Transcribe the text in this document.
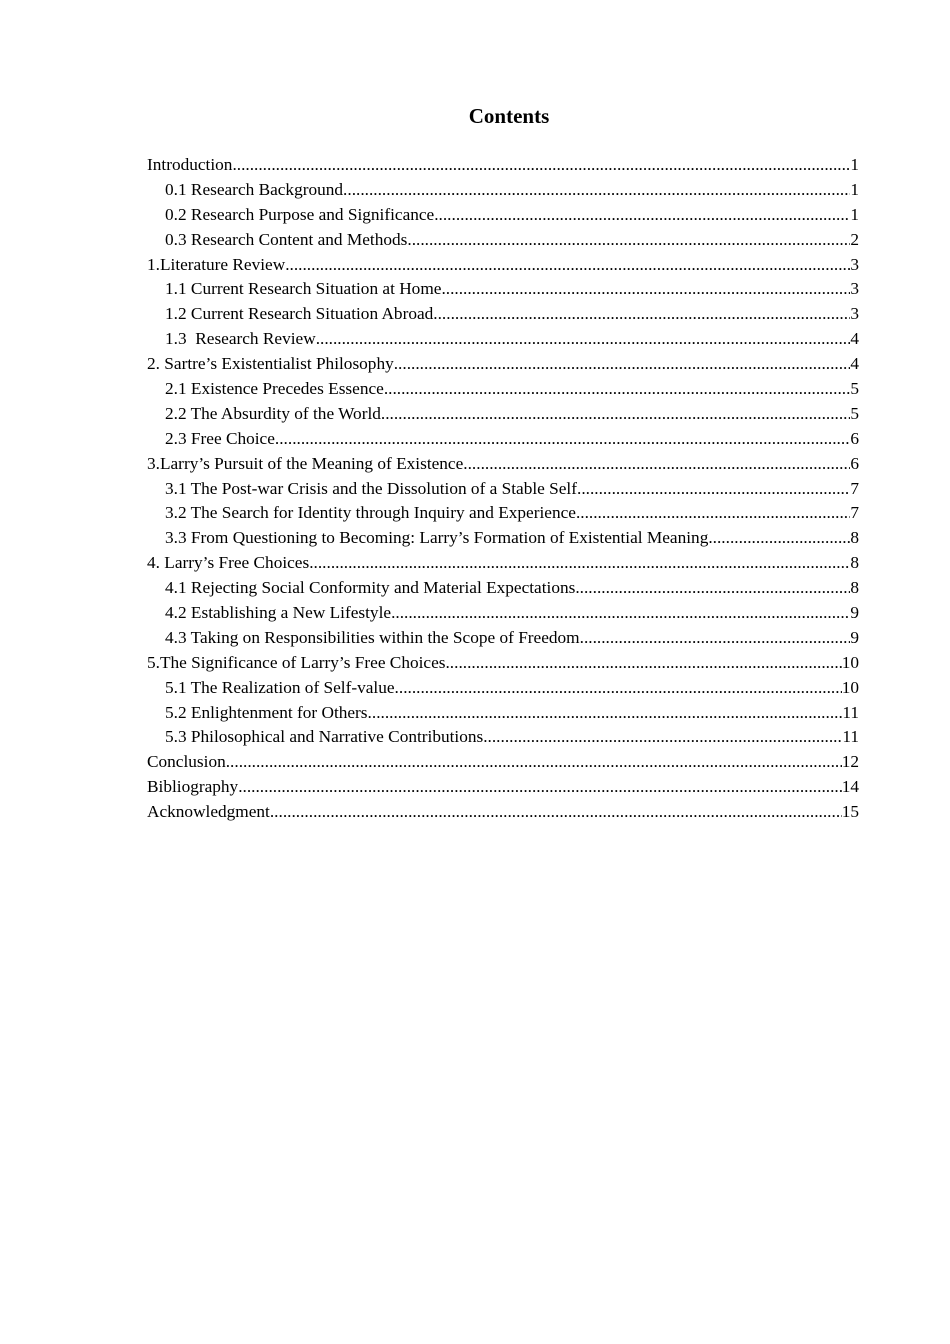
Contents
Introduction .....	1
0.1 Research Background .....	1
0.2 Research Purpose and Significance .....	1
0.3 Research Content and Methods .....	2
1.Literature Review .....	3
1.1 Current Research Situation at Home .....	3
1.2 Current Research Situation Abroad .....	3
1.3  Research Review .....	4
2. Sartre’s Existentialist Philosophy .....	4
2.1 Existence Precedes Essence .....	5
2.2 The Absurdity of the World .....	5
2.3 Free Choice .....	6
3.Larry’s Pursuit of the Meaning of Existence .....	6
3.1 The Post-war Crisis and the Dissolution of a Stable Self .....	7
3.2 The Search for Identity through Inquiry and Experience .....	7
3.3 From Questioning to Becoming: Larry’s Formation of Existential Meaning .....	8
4. Larry’s Free Choices .....	8
4.1 Rejecting Social Conformity and Material Expectations .....	8
4.2 Establishing a New Lifestyle .....	9
4.3 Taking on Responsibilities within the Scope of Freedom .....	9
5.The Significance of Larry’s Free Choices .....	10
5.1 The Realization of Self-value .....	10
5.2 Enlightenment for Others .....	11
5.3 Philosophical and Narrative Contributions .....	11
Conclusion .....	12
Bibliography .....	14
Acknowledgment .....	15
